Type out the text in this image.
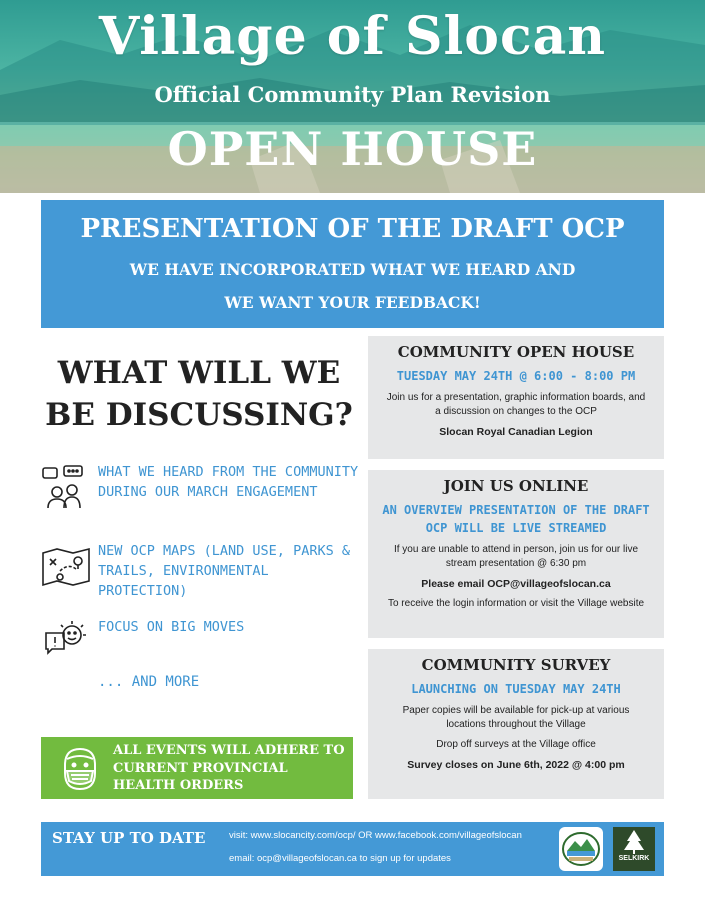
Village of Slocan
Official Community Plan Revision
OPEN HOUSE
PRESENTATION OF THE DRAFT OCP
WE HAVE INCORPORATED WHAT WE HEARD AND
WE WANT YOUR FEEDBACK!
WHAT WILL WE
BE DISCUSSING?
WHAT WE HEARD FROM THE COMMUNITY DURING OUR MARCH ENGAGEMENT
NEW OCP MAPS (LAND USE, PARKS & TRAILS, ENVIRONMENTAL PROTECTION)
FOCUS ON BIG MOVES
... AND MORE
ALL EVENTS WILL ADHERE TO CURRENT PROVINCIAL HEALTH ORDERS
COMMUNITY OPEN HOUSE
TUESDAY MAY 24TH @ 6:00 - 8:00 PM
Join us for a presentation, graphic information boards, and a discussion on changes to the OCP
Slocan Royal Canadian Legion
JOIN US ONLINE
AN OVERVIEW PRESENTATION OF THE DRAFT OCP WILL BE LIVE STREAMED
If you are unable to attend in person, join us for our live stream presentation @ 6:30 pm
Please email OCP@villageofslocan.ca
To receive the login information or visit the Village website
COMMUNITY SURVEY
LAUNCHING ON TUESDAY MAY 24TH
Paper copies will be available for pick-up at various locations throughout the Village
Drop off surveys at the Village office
Survey closes on June 6th, 2022 @ 4:00 pm
STAY UP TO DATE visit: www.slocancity.com/ocp/ OR www.facebook.com/villageofslocan
email: ocp@villageofslocan.ca to sign up for updates	SELKIRK
